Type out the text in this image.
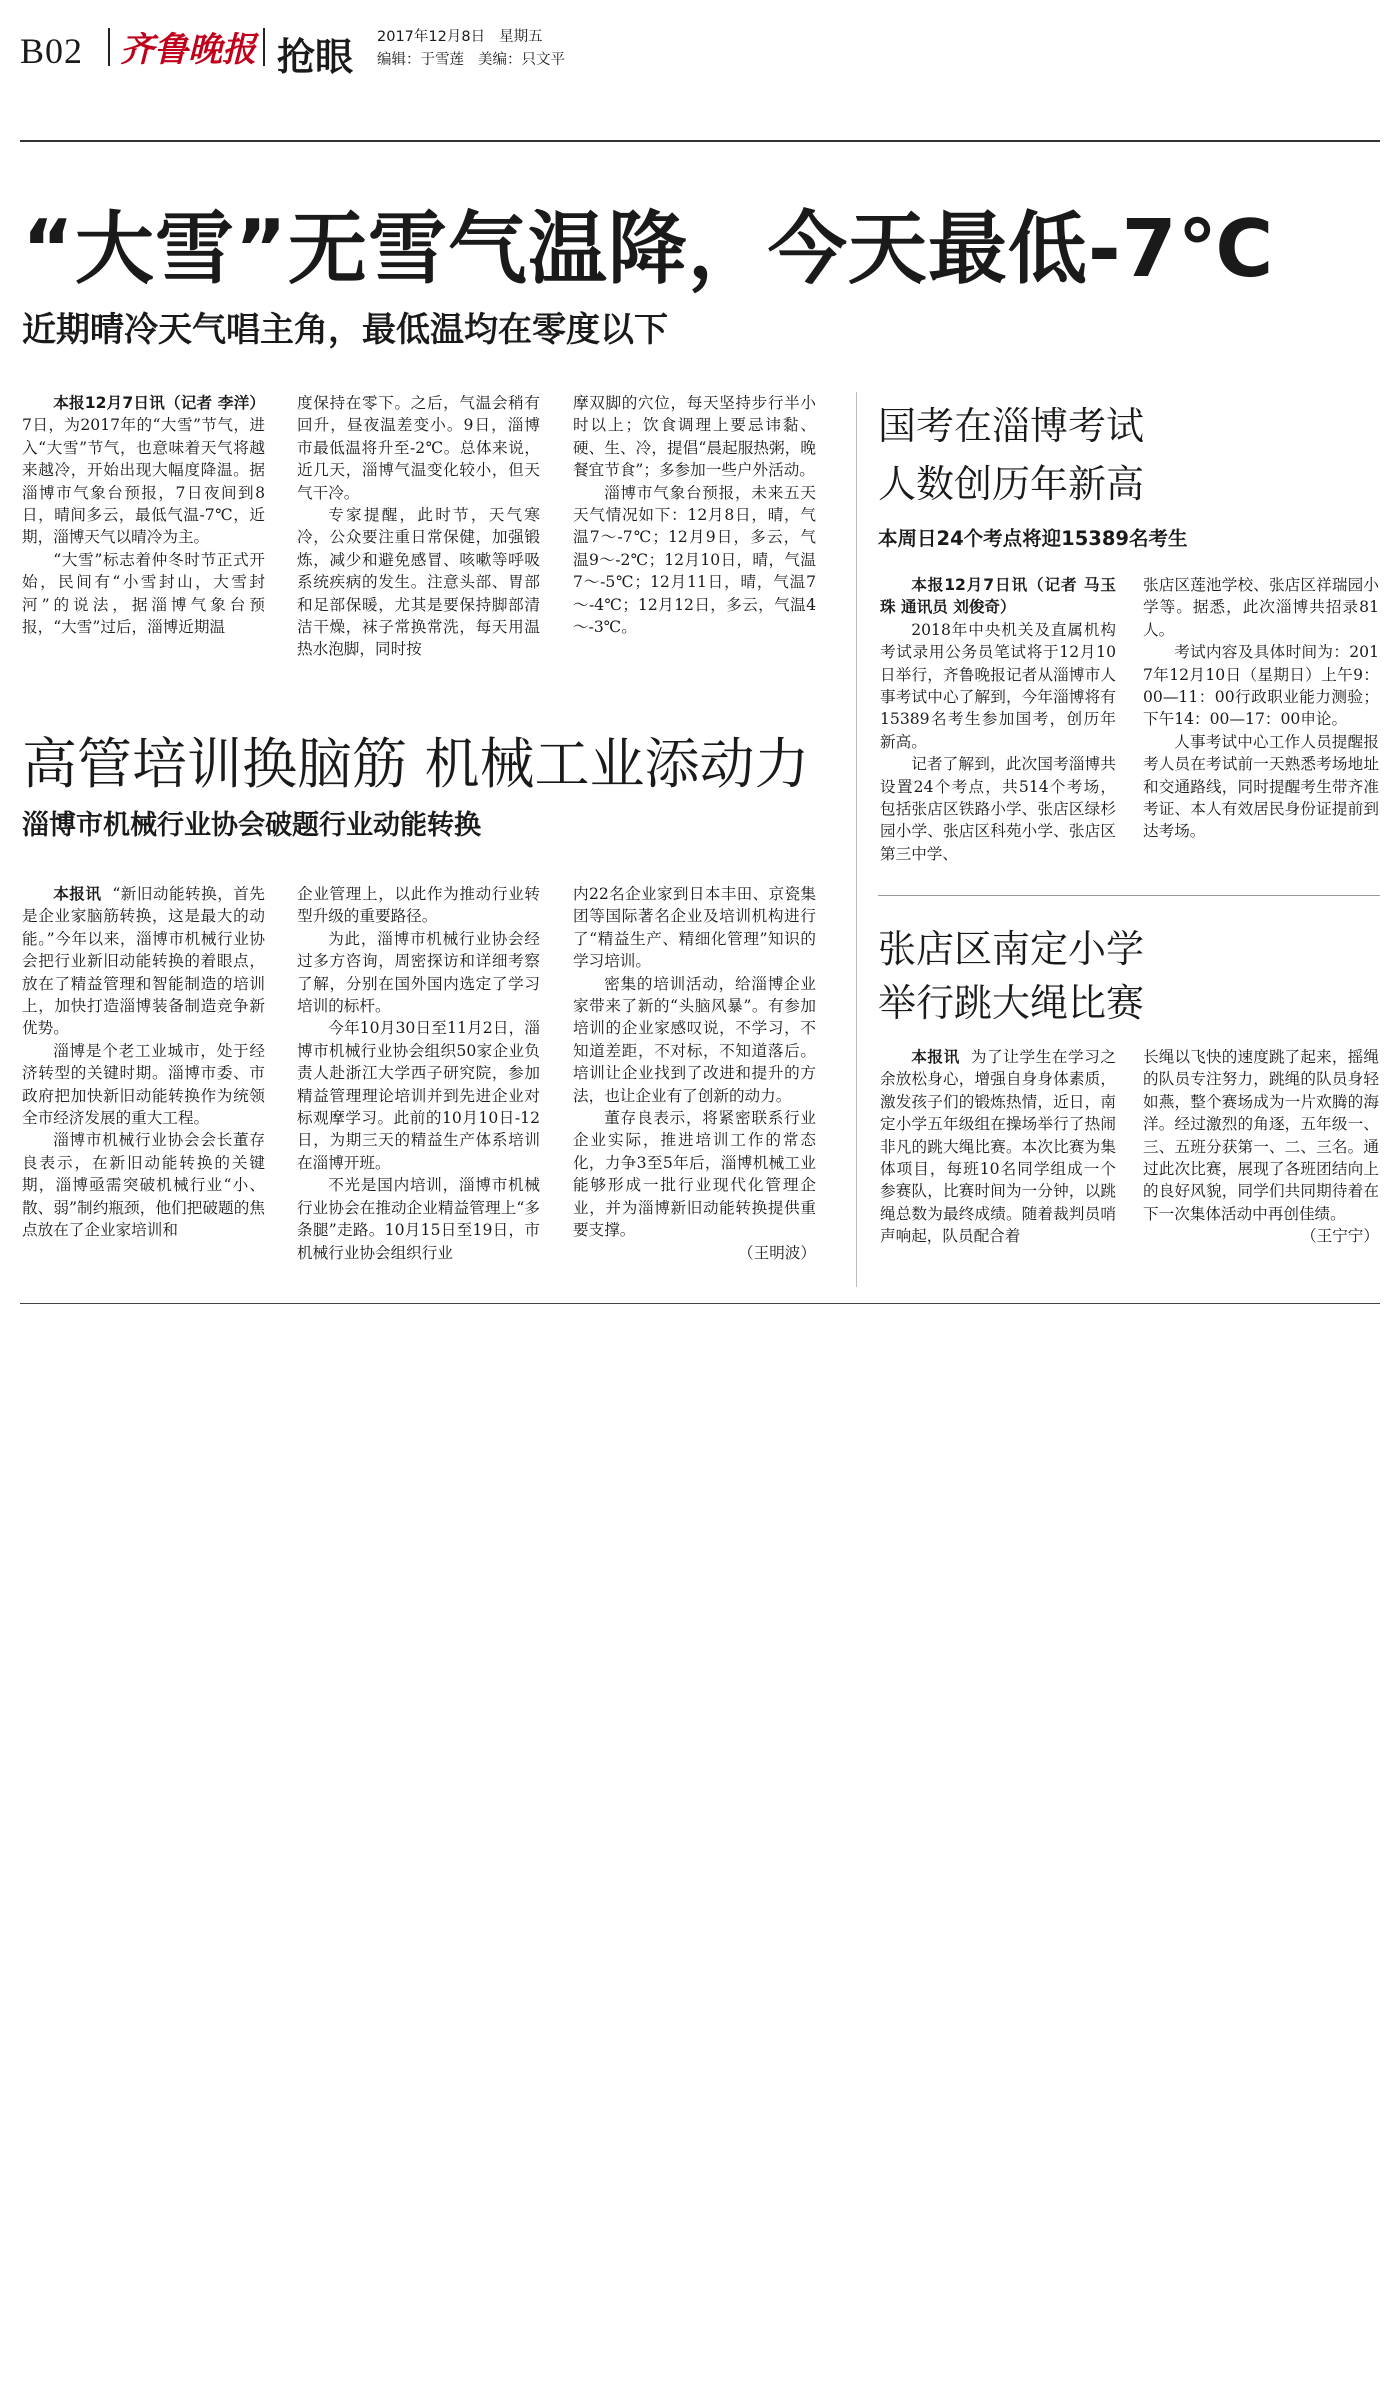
B02 齐鲁晚报 抢眼 2017年12月8日 星期五
编辑：于雪莲 美编：只文平
“大雪”无雪气温降，今天最低-7℃
近期晴冷天气唱主角，最低温均在零度以下

本报12月7日讯（记者 李洋）7日，为2017年的“大雪”节气，进入“大雪”节气，也意味着天气将越来越冷，开始出现大幅度降温。据淄博市气象台预报，7日夜间到8日，晴间多云，最低气温-7℃，近期，淄博天气以晴冷为主。

“大雪”标志着仲冬时节正式开始，民间有“小雪封山，大雪封河”的说法，据淄博气象台预报，“大雪”过后，淄博近期温

度保持在零下。之后，气温会稍有回升，昼夜温差变小。9日，淄博市最低温将升至-2℃。总体来说，近几天，淄博气温变化较小，但天气干冷。

专家提醒，此时节，天气寒冷，公众要注重日常保健，加强锻炼，减少和避免感冒、咳嗽等呼吸系统疾病的发生。注意头部、胃部和足部保暖，尤其是要保持脚部清洁干燥，袜子常换常洗，每天用温热水泡脚，同时按

摩双脚的穴位，每天坚持步行半小时以上；饮食调理上要忌讳黏、硬、生、冷，提倡“晨起服热粥，晚餐宜节食”；多参加一些户外活动。

淄博市气象台预报，未来五天天气情况如下：12月8日，晴，气温7～-7℃；12月9日，多云，气温9～-2℃；12月10日，晴，气温7～-5℃；12月11日，晴，气温7～-4℃；12月12日，多云，气温4～-3℃。

高管培训换脑筋 机械工业添动力
淄博市机械行业协会破题行业动能转换

本报讯 “新旧动能转换，首先是企业家脑筋转换，这是最大的动能。”今年以来，淄博市机械行业协会把行业新旧动能转换的着眼点，放在了精益管理和智能制造的培训上，加快打造淄博装备制造竞争新优势。

淄博是个老工业城市，处于经济转型的关键时期。淄博市委、市政府把加快新旧动能转换作为统领全市经济发展的重大工程。

淄博市机械行业协会会长董存良表示，在新旧动能转换的关键期，淄博亟需突破机械行业“小、散、弱”制约瓶颈，他们把破题的焦点放在了企业家培训和

企业管理上，以此作为推动行业转型升级的重要路径。

为此，淄博市机械行业协会经过多方咨询，周密探访和详细考察了解，分别在国外国内选定了学习培训的标杆。

今年10月30日至11月2日，淄博市机械行业协会组织50家企业负责人赴浙江大学西子研究院，参加精益管理理论培训并到先进企业对标观摩学习。此前的10月10日-12日，为期三天的精益生产体系培训在淄博开班。

不光是国内培训，淄博市机械行业协会在推动企业精益管理上“多条腿”走路。10月15日至19日，市机械行业协会组织行业

内22名企业家到日本丰田、京瓷集团等国际著名企业及培训机构进行了“精益生产、精细化管理”知识的学习培训。

密集的培训活动，给淄博企业家带来了新的“头脑风暴”。有参加培训的企业家感叹说，不学习，不知道差距，不对标，不知道落后。培训让企业找到了改进和提升的方法，也让企业有了创新的动力。

董存良表示，将紧密联系行业企业实际，推进培训工作的常态化，力争3至5年后，淄博机械工业能够形成一批行业现代化管理企业，并为淄博新旧动能转换提供重要支撑。

（王明波）

国考在淄博考试
人数创历年新高
本周日24个考点将迎15389名考生

本报12月7日讯（记者 马玉珠 通讯员 刘俊奇）

2018年中央机关及直属机构考试录用公务员笔试将于12月10日举行，齐鲁晚报记者从淄博市人事考试中心了解到，今年淄博将有15389名考生参加国考，创历年新高。

记者了解到，此次国考淄博共设置24个考点，共514个考场，包括张店区铁路小学、张店区绿杉园小学、张店区科苑小学、张店区第三中学、

张店区莲池学校、张店区祥瑞园小学等。据悉，此次淄博共招录81人。

考试内容及具体时间为：2017年12月10日（星期日）上午9：00—11：00行政职业能力测验；下午14：00—17：00申论。

人事考试中心工作人员提醒报考人员在考试前一天熟悉考场地址和交通路线，同时提醒考生带齐准考证、本人有效居民身份证提前到达考场。

张店区南定小学
举行跳大绳比赛

本报讯 为了让学生在学习之余放松身心，增强自身身体素质，激发孩子们的锻炼热情，近日，南定小学五年级组在操场举行了热闹非凡的跳大绳比赛。本次比赛为集体项目，每班10名同学组成一个参赛队，比赛时间为一分钟，以跳绳总数为最终成绩。随着裁判员哨声响起，队员配合着

长绳以飞快的速度跳了起来，摇绳的队员专注努力，跳绳的队员身轻如燕，整个赛场成为一片欢腾的海洋。经过激烈的角逐，五年级一、三、五班分获第一、二、三名。通过此次比赛，展现了各班团结向上的良好风貌，同学们共同期待着在下一次集体活动中再创佳绩。

（王宁宁）
